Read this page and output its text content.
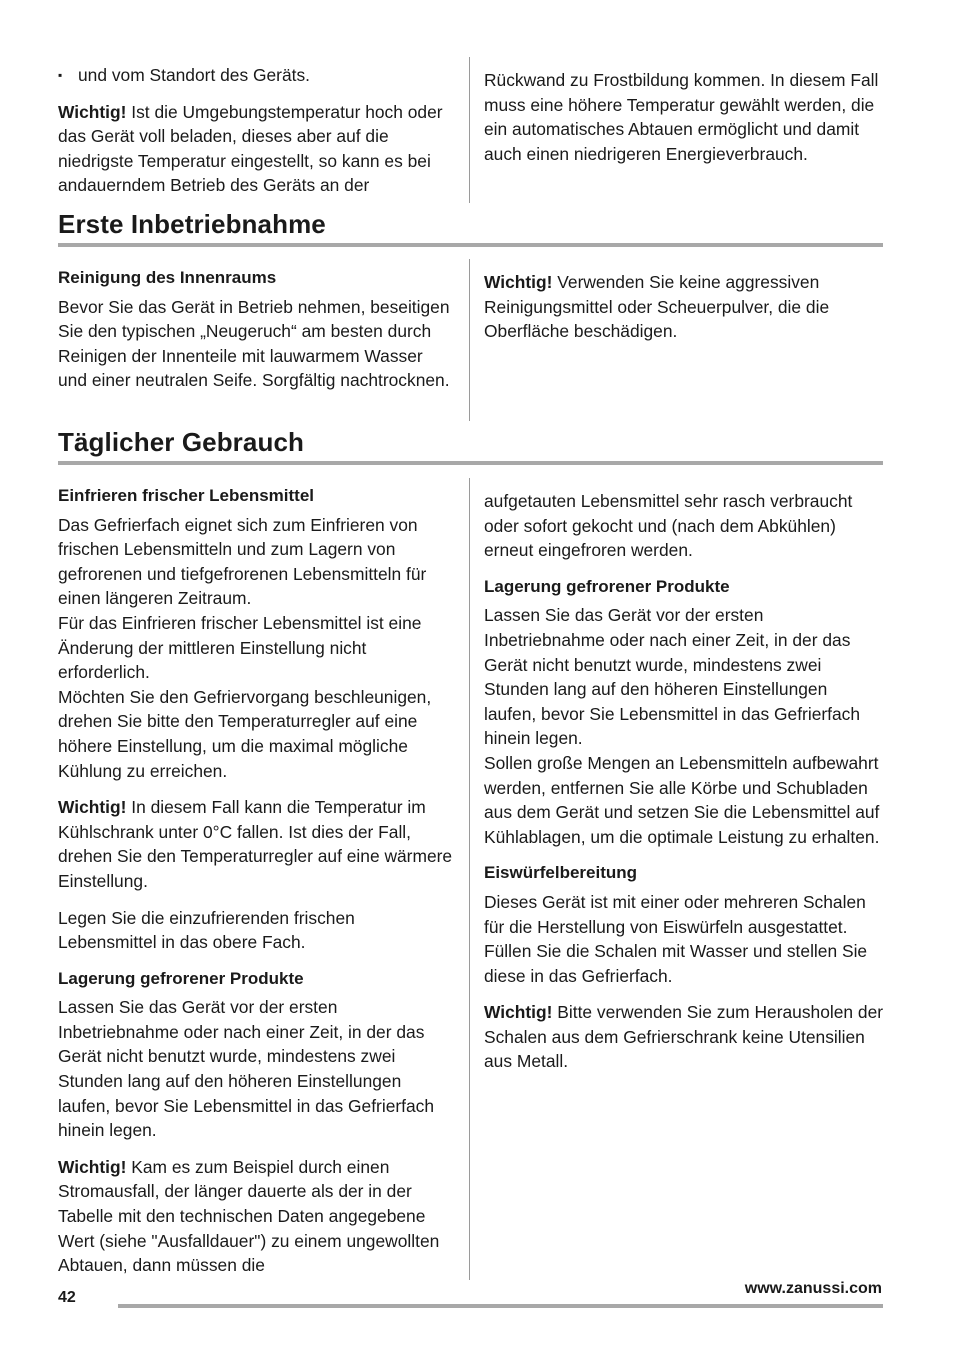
▪ und vom Standort des Geräts.

Wichtig! Ist die Umgebungstemperatur hoch oder das Gerät voll beladen, dieses aber auf die niedrigste Temperatur eingestellt, so kann es bei andauerndem Betrieb des Geräts an der

Rückwand zu Frostbildung kommen. In diesem Fall muss eine höhere Temperatur gewählt werden, die ein automatisches Abtauen ermöglicht und damit auch einen niedrigeren Energieverbrauch.

Erste Inbetriebnahme

Reinigung des Innenraums

Bevor Sie das Gerät in Betrieb nehmen, beseitigen Sie den typischen „Neugeruch“ am besten durch Reinigen der Innenteile mit lauwarmem Wasser und einer neutralen Seife. Sorgfältig nachtrocknen.

Wichtig! Verwenden Sie keine aggressiven Reinigungsmittel oder Scheuerpulver, die die Oberfläche beschädigen.

Täglicher Gebrauch

Einfrieren frischer Lebensmittel

Das Gefrierfach eignet sich zum Einfrieren von frischen Lebensmitteln und zum Lagern von gefrorenen und tiefgefrorenen Lebensmitteln für einen längeren Zeitraum.

Für das Einfrieren frischer Lebensmittel ist eine Änderung der mittleren Einstellung nicht erforderlich.

Möchten Sie den Gefriervorgang beschleunigen, drehen Sie bitte den Temperaturregler auf eine höhere Einstellung, um die maximal mögliche Kühlung zu erreichen.

Wichtig! In diesem Fall kann die Temperatur im Kühlschrank unter 0°C fallen. Ist dies der Fall, drehen Sie den Temperaturregler auf eine wärmere Einstellung.

Legen Sie die einzufrierenden frischen Lebensmittel in das obere Fach.

Lagerung gefrorener Produkte

Lassen Sie das Gerät vor der ersten Inbetriebnahme oder nach einer Zeit, in der das Gerät nicht benutzt wurde, mindestens zwei Stunden lang auf den höheren Einstellungen laufen, bevor Sie Lebensmittel in das Gefrierfach hinein legen.

Wichtig! Kam es zum Beispiel durch einen Stromausfall, der länger dauerte als der in der Tabelle mit den technischen Daten angegebene Wert (siehe "Ausfalldauer") zu einem ungewollten Abtauen, dann müssen die

aufgetauten Lebensmittel sehr rasch verbraucht oder sofort gekocht und (nach dem Abkühlen) erneut eingefroren werden.

Lagerung gefrorener Produkte

Lassen Sie das Gerät vor der ersten Inbetriebnahme oder nach einer Zeit, in der das Gerät nicht benutzt wurde, mindestens zwei Stunden lang auf den höheren Einstellungen laufen, bevor Sie Lebensmittel in das Gefrierfach hinein legen.

Sollen große Mengen an Lebensmitteln aufbewahrt werden, entfernen Sie alle Körbe und Schubladen aus dem Gerät und setzen Sie die Lebensmittel auf Kühlablagen, um die optimale Leistung zu erhalten.

Eiswürfelbereitung

Dieses Gerät ist mit einer oder mehreren Schalen für die Herstellung von Eiswürfeln ausgestattet. Füllen Sie die Schalen mit Wasser und stellen Sie diese in das Gefrierfach.

Wichtig! Bitte verwenden Sie zum Herausholen der Schalen aus dem Gefrierschrank keine Utensilien aus Metall.

42
www.zanussi.com
